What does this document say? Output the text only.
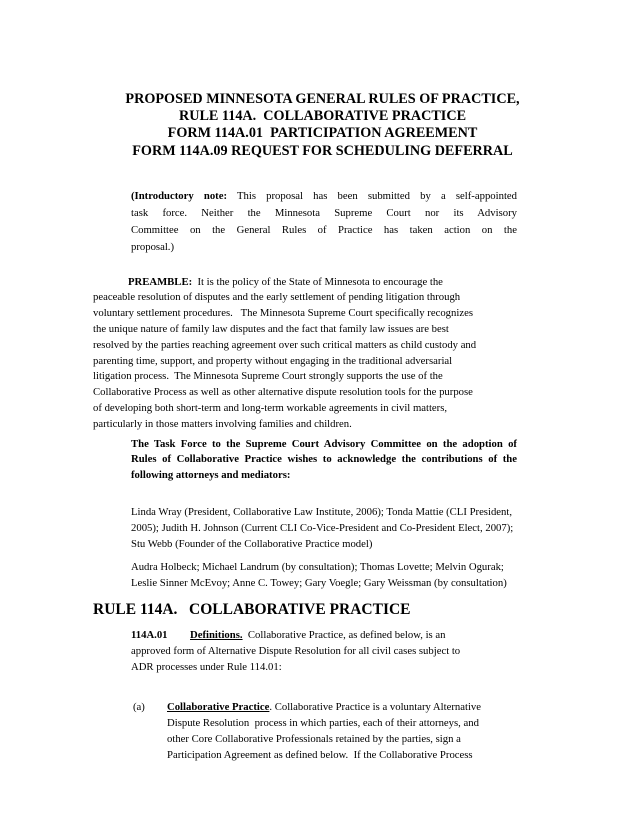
PROPOSED MINNESOTA GENERAL RULES OF PRACTICE,
RULE 114A.  COLLABORATIVE PRACTICE
FORM 114A.01  PARTICIPATION AGREEMENT
FORM 114A.09 REQUEST FOR SCHEDULING DEFERRAL
(Introductory note: This proposal has been submitted by a self-appointed
task force. Neither the Minnesota Supreme Court nor its Advisory
Committee on the General Rules of Practice has taken action on the
proposal.)
PREAMBLE:  It is the policy of the State of Minnesota to encourage the
peaceable resolution of disputes and the early settlement of pending litigation through
voluntary settlement procedures.   The Minnesota Supreme Court specifically recognizes
the unique nature of family law disputes and the fact that family law issues are best
resolved by the parties reaching agreement over such critical matters as child custody and
parenting time, support, and property without engaging in the traditional adversarial
litigation process.  The Minnesota Supreme Court strongly supports the use of the
Collaborative Process as well as other alternative dispute resolution tools for the purpose
of developing both short-term and long-term workable agreements in civil matters,
particularly in those matters involving families and children.
The Task Force to the Supreme Court Advisory Committee on the adoption of
Rules of Collaborative Practice wishes to acknowledge the contributions of the
following attorneys and mediators:
Linda Wray (President, Collaborative Law Institute, 2006); Tonda Mattie (CLI President,
2005); Judith H. Johnson (Current CLI Co-Vice-President and Co-President Elect, 2007);
Stu Webb (Founder of the Collaborative Practice model)
Audra Holbeck; Michael Landrum (by consultation); Thomas Lovette; Melvin Ogurak;
Leslie Sinner McEvoy; Anne C. Towey; Gary Voegle; Gary Weissman (by consultation)
RULE 114A.   COLLABORATIVE PRACTICE
114A.01 Definitions.  Collaborative Practice, as defined below, is an
approved form of Alternative Dispute Resolution for all civil cases subject to
ADR processes under Rule 114.01:
(a) Collaborative Practice. Collaborative Practice is a voluntary Alternative
Dispute Resolution  process in which parties, each of their attorneys, and
other Core Collaborative Professionals retained by the parties, sign a
Participation Agreement as defined below.  If the Collaborative Process
